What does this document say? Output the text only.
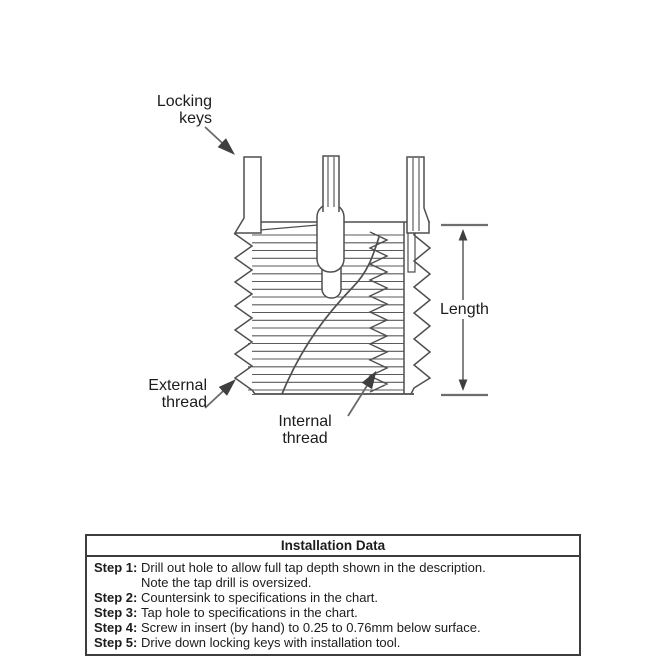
Locking keys
Length
External thread
Internal thread
Installation Data
Step 1: Drill out hole to allow full tap depth shown in the description.
Note the tap drill is oversized.
Step 2: Countersink to specifications in the chart.
Step 3: Tap hole to specifications in the chart.
Step 4: Screw in insert (by hand) to 0.25 to 0.76mm below surface.
Step 5: Drive down locking keys with installation tool.
